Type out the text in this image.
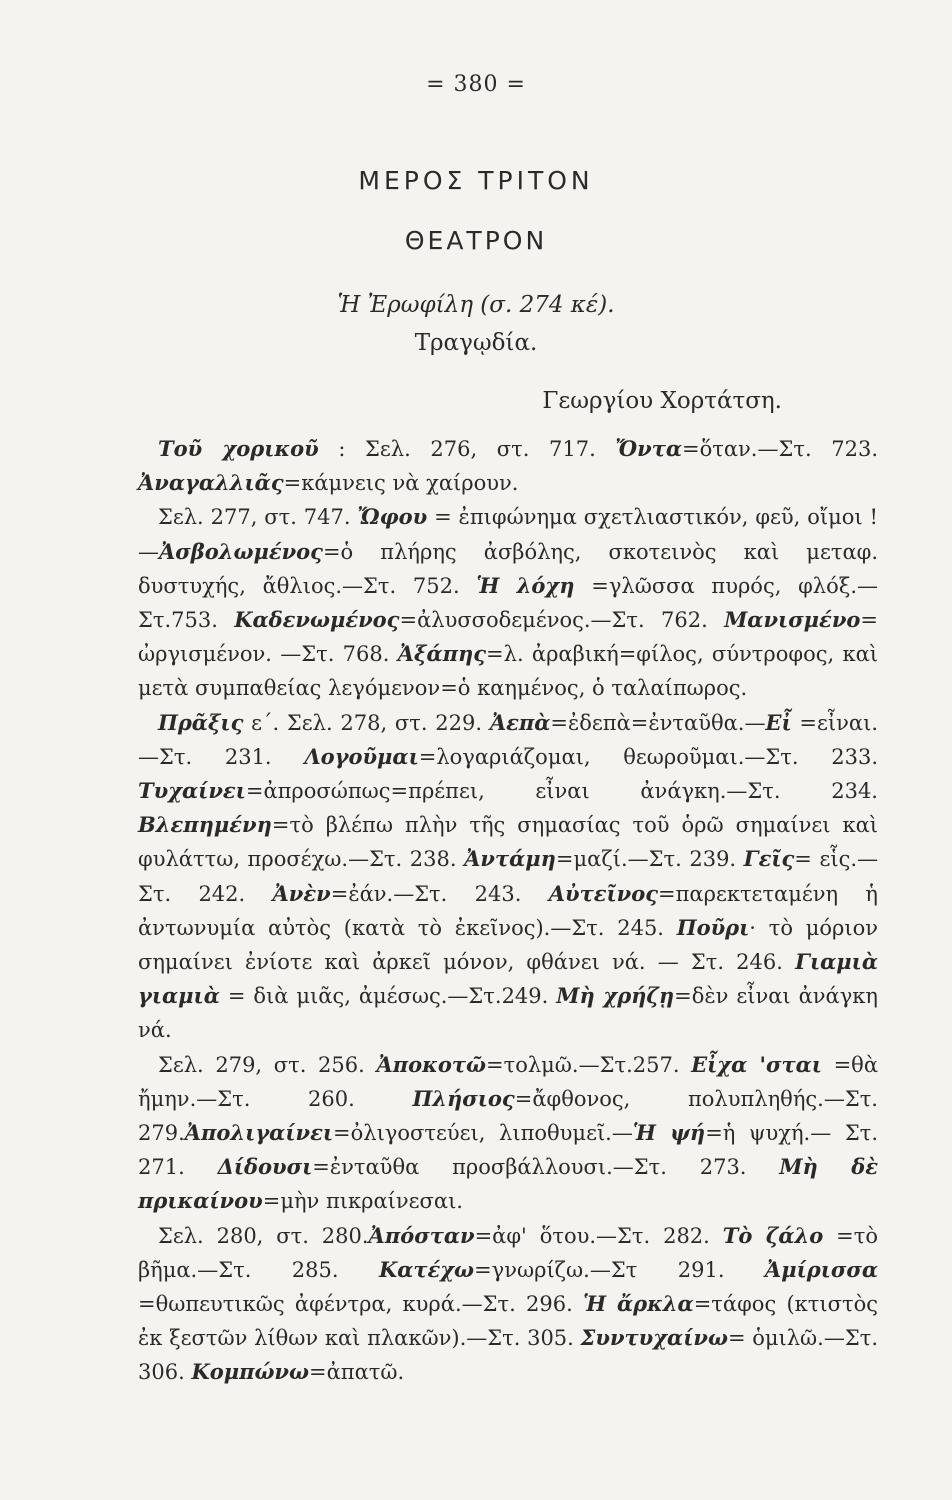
= 380 =
ΜΕΡΟΣ ΤΡΙΤΟΝ
ΘΕΑΤΡΟΝ
Ἡ Ἐρωφίλη (σ. 274 κέ).
Τραγῳδία.
Γεωργίου Χορτάτση.

Τοῦ χορικοῦ : Σελ. 276, στ. 717. Ὄντα=ὅταν.—Στ. 723. Ἀναγαλλιᾶς=κάμνεις νὰ χαίρουν.

Σελ. 277, στ. 747. Ὤφου = ἐπιφώνημα σχετλιαστικόν, φεῦ, οἴμοι !—Ἀσβολωμένος=ὁ πλήρης ἀσβόλης, σκοτεινὸς καὶ μεταφ. δυστυχής, ἄθλιος.—Στ. 752. Ἡ λόχη =γλῶσσα πυρός, φλόξ.— Στ.753. Καδενωμένος=ἀλυσσοδεμένος.—Στ. 762. Μανισμένο= ὠργισμένον. —Στ. 768. Ἀξάπης=λ. ἀραβική=φίλος, σύντροφος, καὶ μετὰ συμπαθείας λεγόμενον=ὁ καημένος, ὁ ταλαίπωρος.

Πρᾶξις ε΄. Σελ. 278, στ. 229. Ἀεπὰ=ἐδεπὰ=ἐνταῦθα.—Εἶ =εἶναι.—Στ. 231. Λογοῦμαι=λογαριάζομαι, θεωροῦμαι.—Στ. 233. Τυχαίνει=ἀπροσώπως=πρέπει, εἶναι ἀνάγκη.—Στ. 234. Βλεπημένη=τὸ βλέπω πλὴν τῆς σημασίας τοῦ ὁρῶ σημαίνει καὶ φυλάττω, προσέχω.—Στ. 238. Ἀντάμη=μαζί.—Στ. 239. Γεῖς= εἷς.—Στ. 242. Ἀνὲν=ἐάν.—Στ. 243. Αὐτεῖνος=παρεκτεταμένη ἡ ἀντωνυμία αὐτὸς (κατὰ τὸ ἐκεῖνος).—Στ. 245. Ποῦρι· τὸ μόριον σημαίνει ἐνίοτε καὶ ἀρκεῖ μόνον, φθάνει νά. — Στ. 246. Γιαμιὰ γιαμιὰ = διὰ μιᾶς, ἀμέσως.—Στ.249. Μὴ χρήζῃ=δὲν εἶναι ἀνάγκη νά.

Σελ. 279, στ. 256. Ἀποκοτῶ=τολμῶ.—Στ.257. Εἶχα 'σται =θὰ ἤμην.—Στ. 260. Πλήσιος=ἄφθονος, πολυπληθής.—Στ. 279.Ἀπολιγαίνει=ὀλιγοστεύει, λιποθυμεῖ.—Ἡ ψή=ἡ ψυχή.— Στ. 271. Δίδουσι=ἐνταῦθα προσβάλλουσι.—Στ. 273. Μὴ δὲ πρικαίνου=μὴν πικραίνεσαι.

Σελ. 280, στ. 280.Ἀπόσταν=ἀφ' ὅτου.—Στ. 282. Τὸ ζάλο =τὸ βῆμα.—Στ. 285. Κατέχω=γνωρίζω.—Στ 291. Ἀμίρισσα =θωπευτικῶς ἀφέντρα, κυρά.—Στ. 296. Ἡ ἄρκλα=τάφος (κτιστὸς ἐκ ξεστῶν λίθων καὶ πλακῶν).—Στ. 305. Συντυχαίνω= ὁμιλῶ.—Στ. 306. Κομπώνω=ἀπατῶ.
